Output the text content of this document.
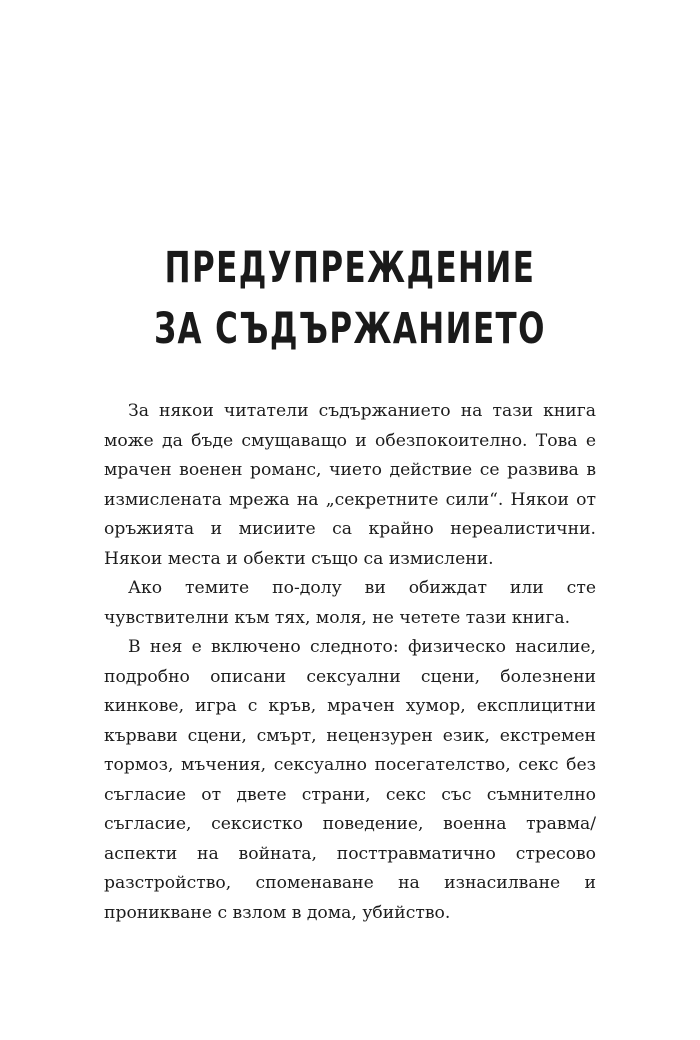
ПРЕДУПРЕЖДЕНИЕ
ЗА СЪДЪРЖАНИЕТО

За някои читатели съдържанието на тази книга може да бъде смущаващо и обезпокоително. Това е мрачен военен романс, чието действие се развива в измислената мрежа на „секретните сили“. Някои от оръжията и мисиите са крайно нереалистични. Някои места и обекти също са измислени.

Ако темите по-долу ви обиждат или сте чувствителни към тях, моля, не четете тази книга.

В нея е включено следното: физическо насилие, подробно описани сексуални сцени, болезнени кинкове, игра с кръв, мрачен хумор, експлицитни кървави сцени, смърт, нецензурен език, екстремен тормоз, мъчения, сексуално посегателство, секс без съгласие от двете страни, секс със съмнително съгласие, сексистко поведение, военна травма/аспекти на войната, посттравматично стресово разстройство, споменаване на изнасилване и проникване с взлом в дома, убийство.
